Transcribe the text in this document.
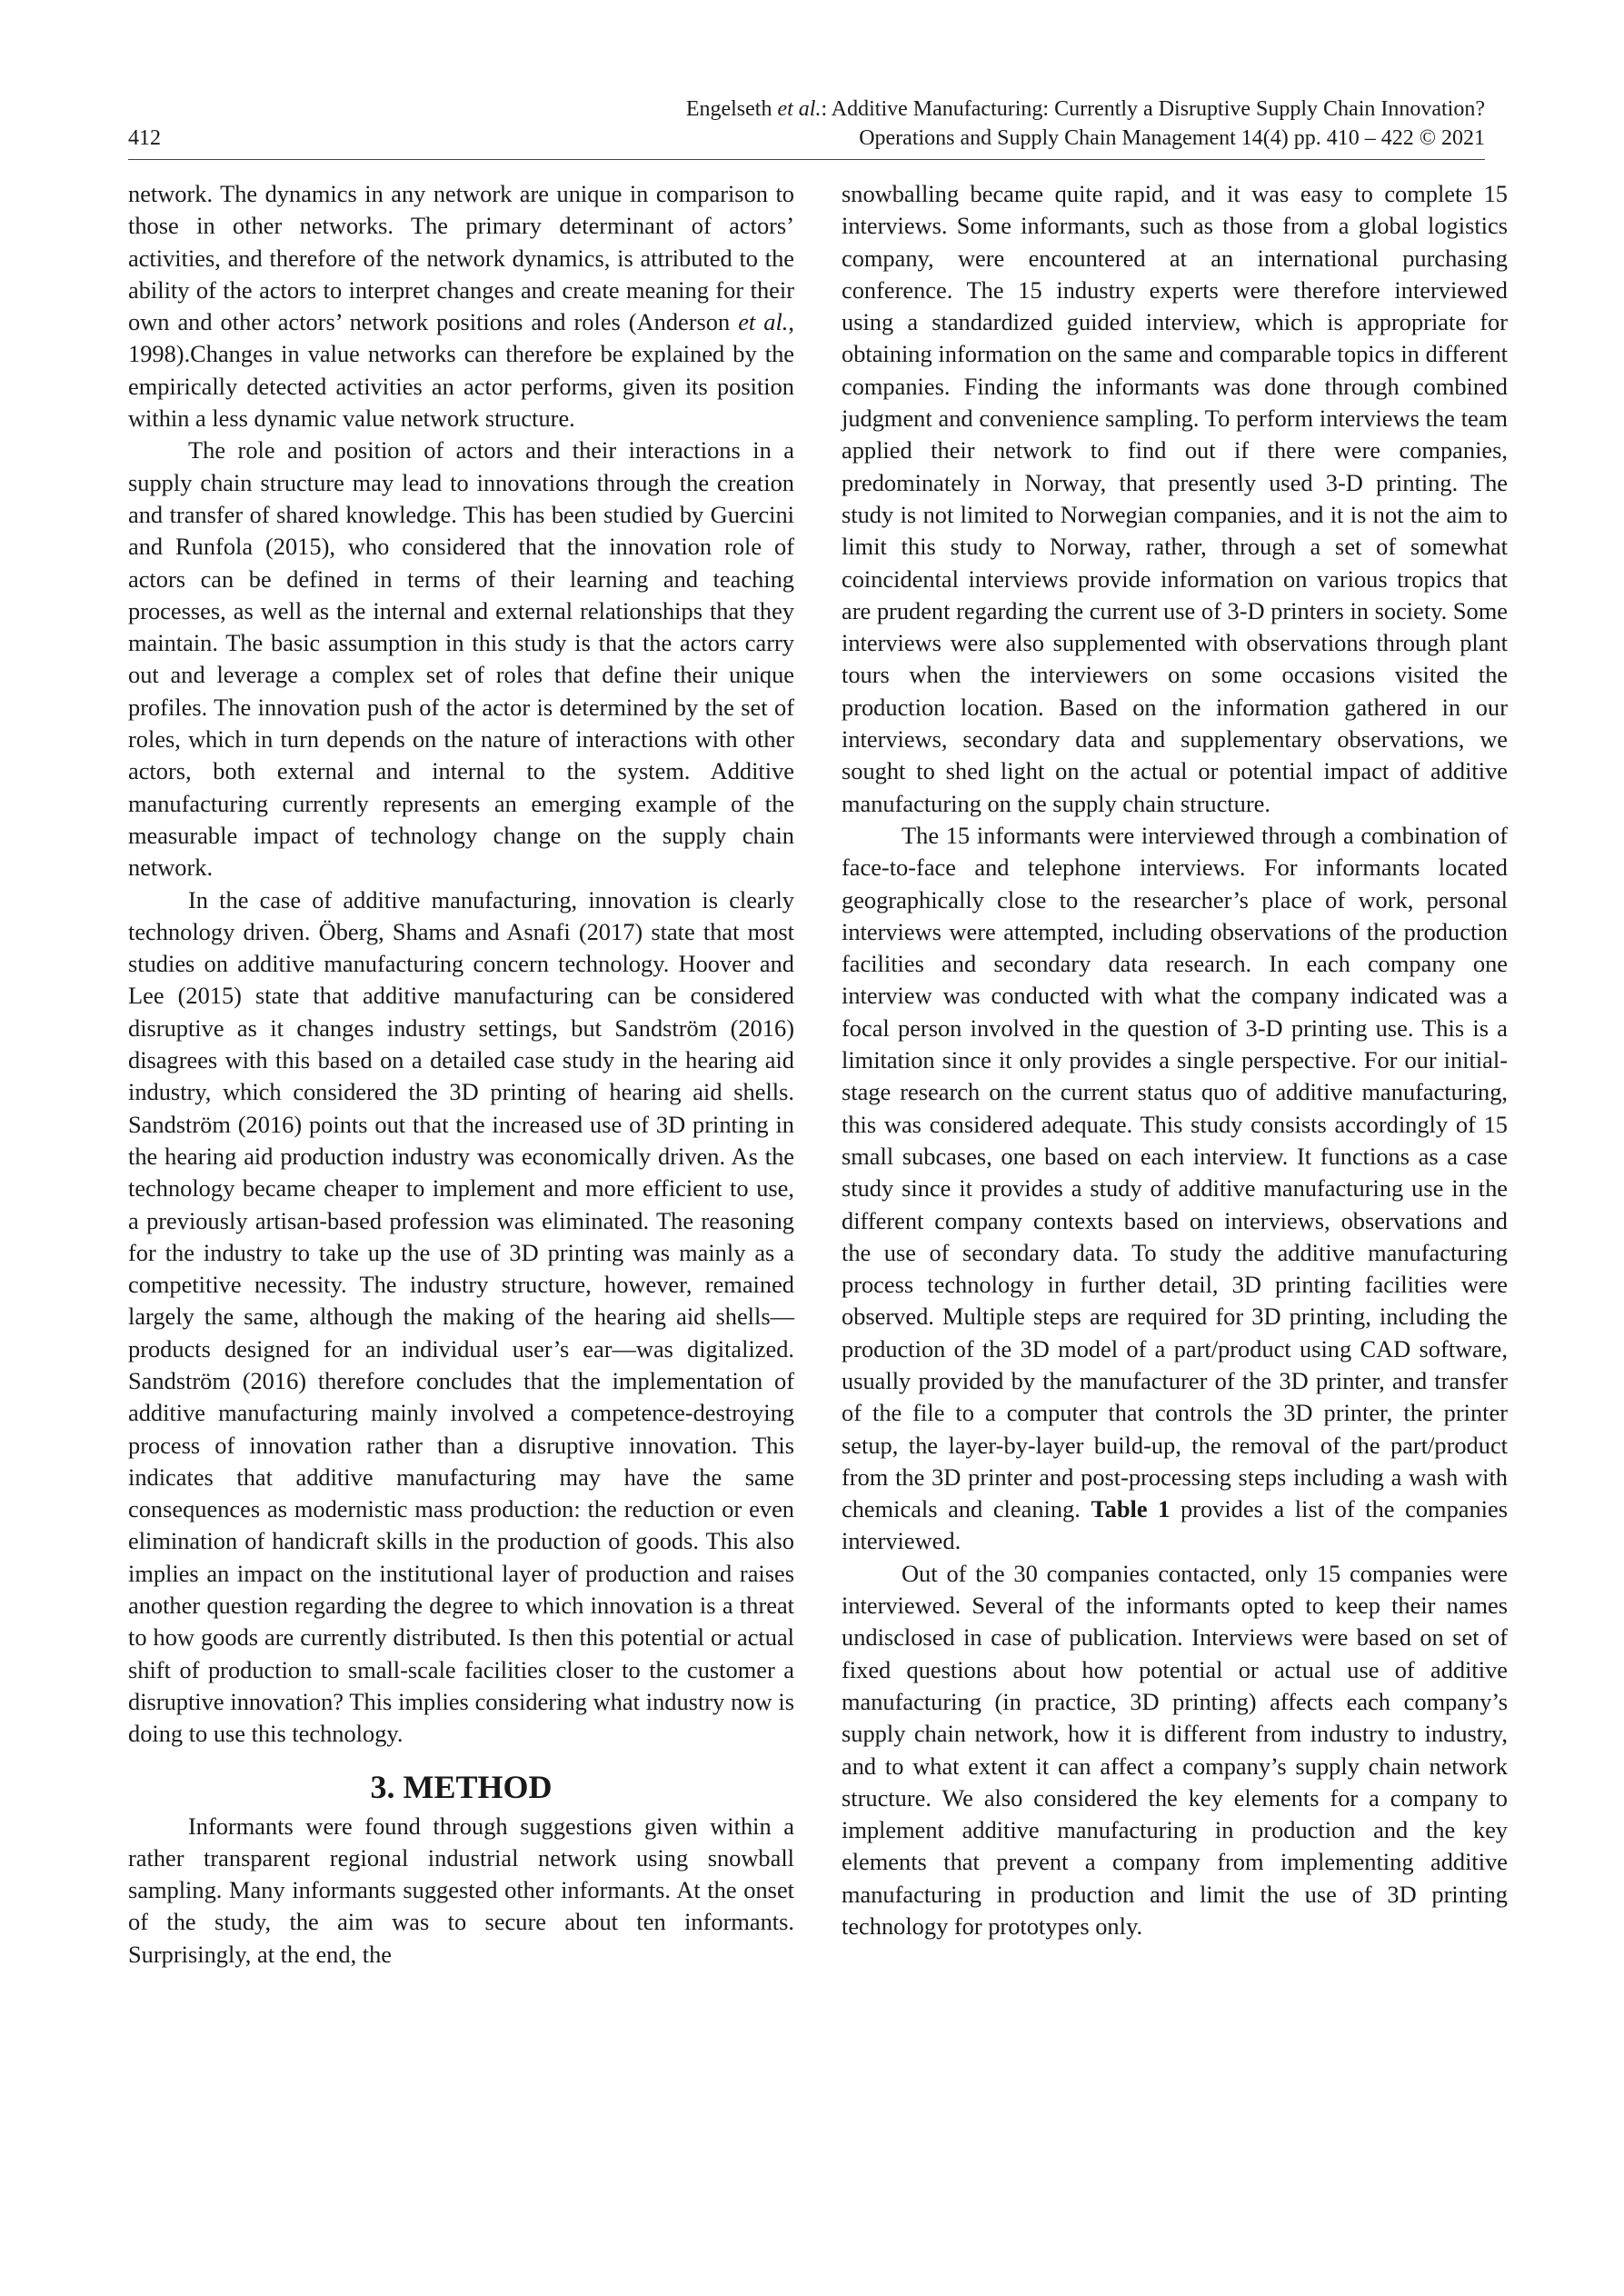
Engelseth et al.: Additive Manufacturing: Currently a Disruptive Supply Chain Innovation?
Operations and Supply Chain Management 14(4) pp. 410 – 422 © 2021
412

network. The dynamics in any network are unique in comparison to those in other networks. The primary determinant of actors’ activities, and therefore of the network dynamics, is attributed to the ability of the actors to interpret changes and create meaning for their own and other actors’ network positions and roles (Anderson et al., 1998).Changes in value networks can therefore be explained by the empirically detected activities an actor performs, given its position within a less dynamic value network structure.

The role and position of actors and their interactions in a supply chain structure may lead to innovations through the creation and transfer of shared knowledge. This has been studied by Guercini and Runfola (2015), who considered that the innovation role of actors can be defined in terms of their learning and teaching processes, as well as the internal and external relationships that they maintain. The basic assumption in this study is that the actors carry out and leverage a complex set of roles that define their unique profiles. The innovation push of the actor is determined by the set of roles, which in turn depends on the nature of interactions with other actors, both external and internal to the system. Additive manufacturing currently represents an emerging example of the measurable impact of technology change on the supply chain network.

In the case of additive manufacturing, innovation is clearly technology driven. Öberg, Shams and Asnafi (2017) state that most studies on additive manufacturing concern technology. Hoover and Lee (2015) state that additive manufacturing can be considered disruptive as it changes industry settings, but Sandström (2016) disagrees with this based on a detailed case study in the hearing aid industry, which considered the 3D printing of hearing aid shells. Sandström (2016) points out that the increased use of 3D printing in the hearing aid production industry was economically driven. As the technology became cheaper to implement and more efficient to use, a previously artisan-based profession was eliminated. The reasoning for the industry to take up the use of 3D printing was mainly as a competitive necessity. The industry structure, however, remained largely the same, although the making of the hearing aid shells—products designed for an individual user’s ear—was digitalized. Sandström (2016) therefore concludes that the implementation of additive manufacturing mainly involved a competence-destroying process of innovation rather than a disruptive innovation. This indicates that additive manufacturing may have the same consequences as modernistic mass production: the reduction or even elimination of handicraft skills in the production of goods. This also implies an impact on the institutional layer of production and raises another question regarding the degree to which innovation is a threat to how goods are currently distributed. Is then this potential or actual shift of production to small-scale facilities closer to the customer a disruptive innovation? This implies considering what industry now is doing to use this technology.

3. METHOD

Informants were found through suggestions given within a rather transparent regional industrial network using snowball sampling. Many informants suggested other informants. At the onset of the study, the aim was to secure about ten informants. Surprisingly, at the end, the

snowballing became quite rapid, and it was easy to complete 15 interviews. Some informants, such as those from a global logistics company, were encountered at an international purchasing conference. The 15 industry experts were therefore interviewed using a standardized guided interview, which is appropriate for obtaining information on the same and comparable topics in different companies. Finding the informants was done through combined judgment and convenience sampling. To perform interviews the team applied their network to find out if there were companies, predominately in Norway, that presently used 3-D printing. The study is not limited to Norwegian companies, and it is not the aim to limit this study to Norway, rather, through a set of somewhat coincidental interviews provide information on various tropics that are prudent regarding the current use of 3-D printers in society. Some interviews were also supplemented with observations through plant tours when the interviewers on some occasions visited the production location. Based on the information gathered in our interviews, secondary data and supplementary observations, we sought to shed light on the actual or potential impact of additive manufacturing on the supply chain structure.

The 15 informants were interviewed through a combination of face-to-face and telephone interviews. For informants located geographically close to the researcher’s place of work, personal interviews were attempted, including observations of the production facilities and secondary data research. In each company one interview was conducted with what the company indicated was a focal person involved in the question of 3-D printing use. This is a limitation since it only provides a single perspective. For our initial-stage research on the current status quo of additive manufacturing, this was considered adequate. This study consists accordingly of 15 small subcases, one based on each interview. It functions as a case study since it provides a study of additive manufacturing use in the different company contexts based on interviews, observations and the use of secondary data. To study the additive manufacturing process technology in further detail, 3D printing facilities were observed. Multiple steps are required for 3D printing, including the production of the 3D model of a part/product using CAD software, usually provided by the manufacturer of the 3D printer, and transfer of the file to a computer that controls the 3D printer, the printer setup, the layer-by-layer build-up, the removal of the part/product from the 3D printer and post-processing steps including a wash with chemicals and cleaning. Table 1 provides a list of the companies interviewed.

Out of the 30 companies contacted, only 15 companies were interviewed. Several of the informants opted to keep their names undisclosed in case of publication. Interviews were based on set of fixed questions about how potential or actual use of additive manufacturing (in practice, 3D printing) affects each company’s supply chain network, how it is different from industry to industry, and to what extent it can affect a company’s supply chain network structure. We also considered the key elements for a company to implement additive manufacturing in production and the key elements that prevent a company from implementing additive manufacturing in production and limit the use of 3D printing technology for prototypes only.
